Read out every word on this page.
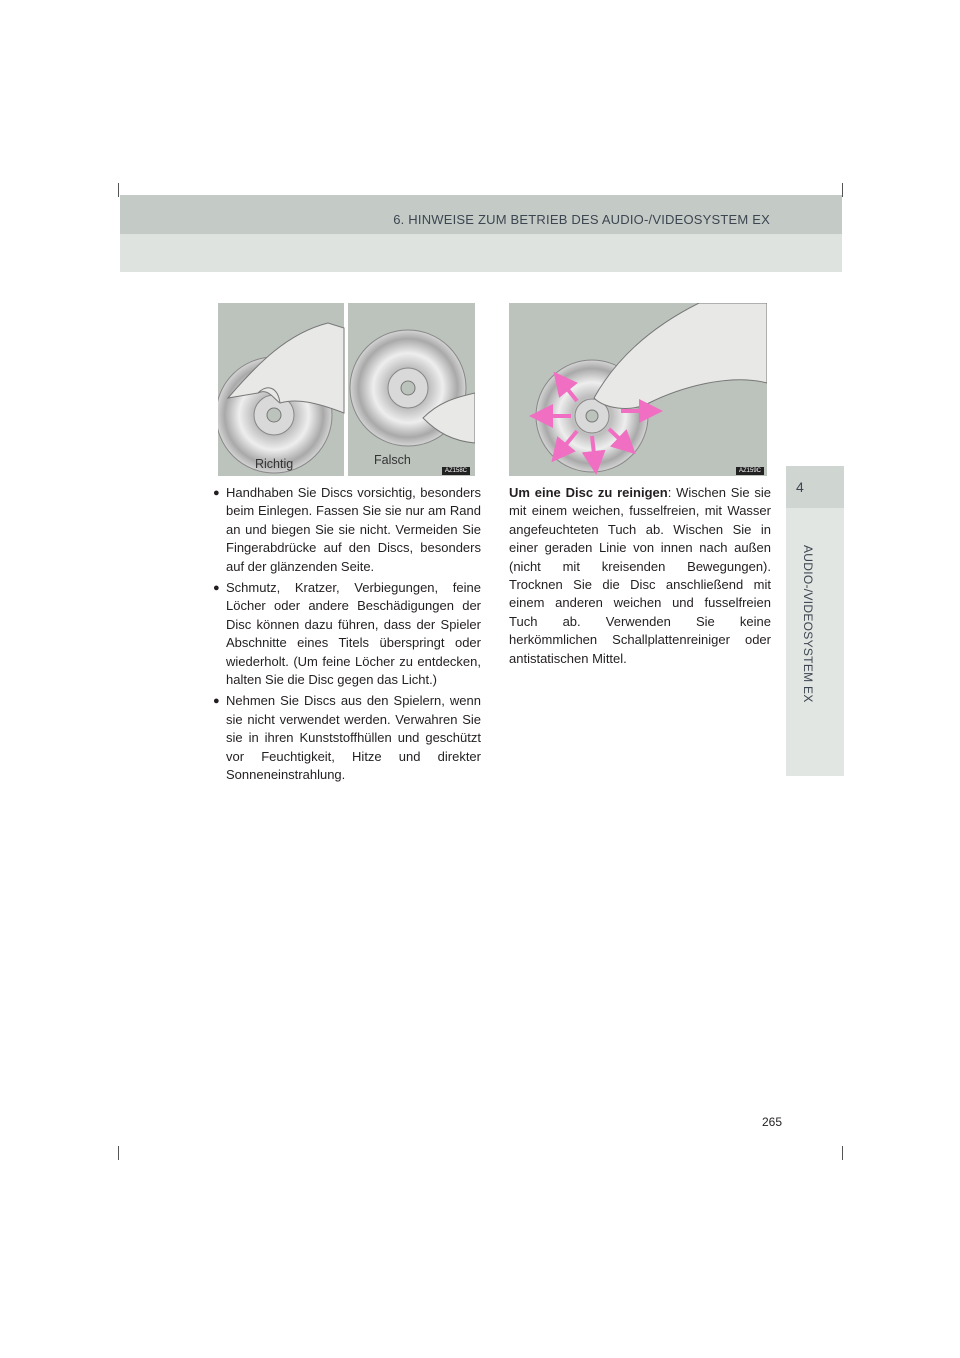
6. HINWEISE ZUM BETRIEB DES AUDIO-/VIDEOSYSTEM EX
4
AUDIO-/VIDEOSYSTEM EX
Richtig	Falsch
AZ158C	AZ159C
● Handhaben Sie Discs vorsichtig, besonders beim Einlegen. Fassen Sie sie nur am Rand an und biegen Sie sie nicht. Vermeiden Sie Fingerabdrücke auf den Discs, besonders auf der glänzenden Seite.
● Schmutz, Kratzer, Verbiegungen, feine Löcher oder andere Beschädigungen der Disc können dazu führen, dass der Spieler Abschnitte eines Titels überspringt oder wiederholt. (Um feine Löcher zu entdecken, halten Sie die Disc gegen das Licht.)
● Nehmen Sie Discs aus den Spielern, wenn sie nicht verwendet werden. Verwahren Sie sie in ihren Kunststoffhüllen und geschützt vor Feuchtigkeit, Hitze und direkter Sonneneinstrahlung.
Um eine Disc zu reinigen: Wischen Sie sie mit einem weichen, fusselfreien, mit Wasser angefeuchteten Tuch ab. Wischen Sie in einer geraden Linie von innen nach außen (nicht mit kreisenden Bewegungen). Trocknen Sie die Disc anschließend mit einem anderen weichen und fusselfreien Tuch ab. Verwenden Sie keine herkömmlichen Schallplattenreiniger oder antistatischen Mittel.
265
